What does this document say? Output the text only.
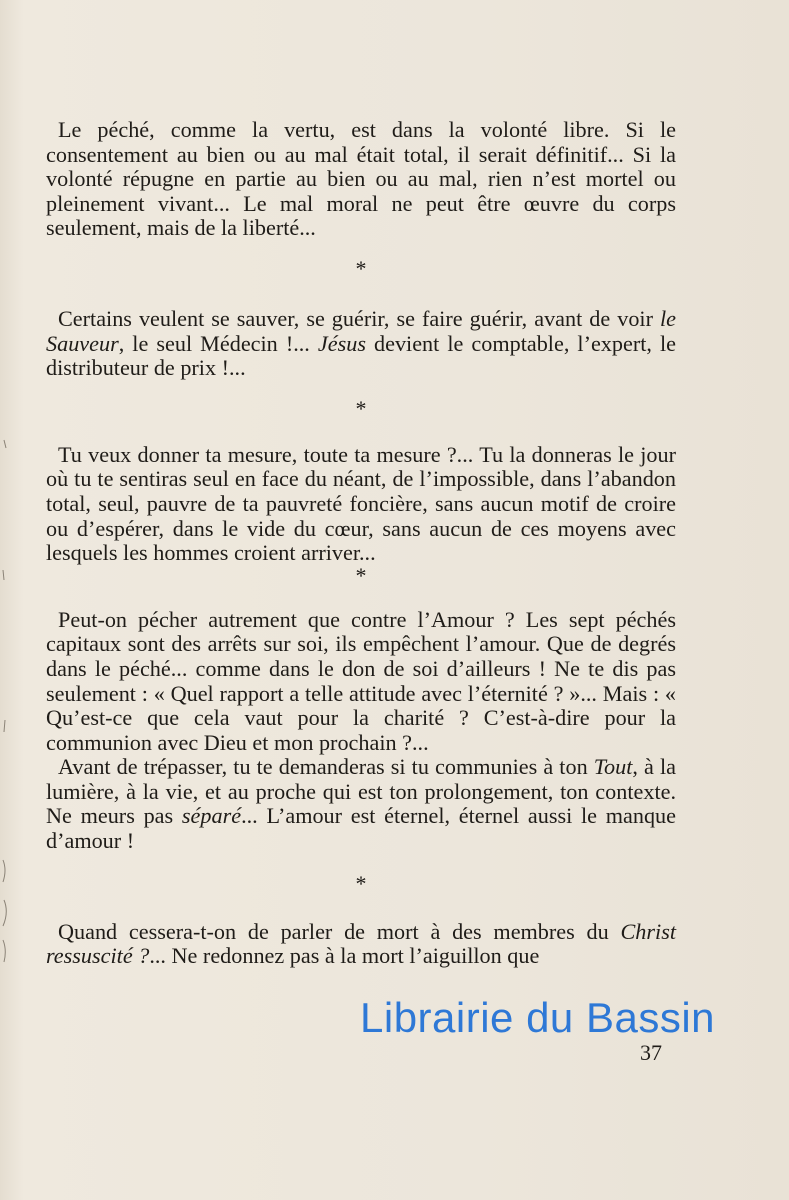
Le péché, comme la vertu, est dans la volonté libre. Si le consentement au bien ou au mal était total, il serait définitif... Si la volonté répugne en partie au bien ou au mal, rien n’est mortel ou pleinement vivant... Le mal moral ne peut être œuvre du corps seulement, mais de la liberté...

*

Certains veulent se sauver, se guérir, se faire guérir, avant de voir le Sauveur, le seul Médecin !... Jésus devient le comptable, l’expert, le distributeur de prix !...

*

Tu veux donner ta mesure, toute ta mesure ?... Tu la donneras le jour où tu te sentiras seul en face du néant, de l’impossible, dans l’abandon total, seul, pauvre de ta pauvreté foncière, sans aucun motif de croire ou d’espérer, dans le vide du cœur, sans aucun de ces moyens avec lesquels les hommes croient arriver...

*

Peut-on pécher autrement que contre l’Amour ? Les sept péchés capitaux sont des arrêts sur soi, ils empêchent l’amour. Que de degrés dans le péché... comme dans le don de soi d’ailleurs ! Ne te dis pas seulement : « Quel rapport a telle attitude avec l’éternité ? »... Mais : « Qu’est-ce que cela vaut pour la charité ? C’est-à-dire pour la communion avec Dieu et mon prochain ?...

Avant de trépasser, tu te demanderas si tu communies à ton Tout, à la lumière, à la vie, et au proche qui est ton prolongement, ton contexte. Ne meurs pas séparé... L’amour est éternel, éternel aussi le manque d’amour !

*

Quand cessera-t-on de parler de mort à des membres du Christ ressuscité ?... Ne redonnez pas à la mort l’aiguillon que

Librairie du Bassin
37
